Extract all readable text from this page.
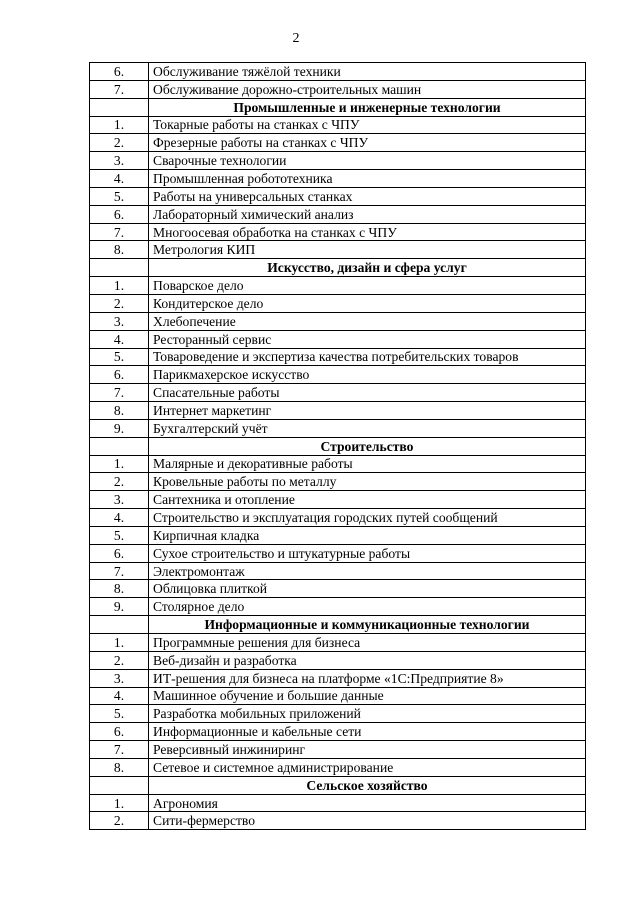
2
6.	Обслуживание тяжёлой техники
7.	Обслуживание дорожно-строительных машин
	Промышленные и инженерные технологии
1.	Токарные работы на станках с ЧПУ
2.	Фрезерные работы на станках с ЧПУ
3.	Сварочные технологии
4.	Промышленная робототехника
5.	Работы на универсальных станках
6.	Лабораторный химический анализ
7.	Многоосевая обработка на станках с ЧПУ
8.	Метрология КИП
	Искусство, дизайн и сфера услуг
1.	Поварское дело
2.	Кондитерское дело
3.	Хлебопечение
4.	Ресторанный сервис
5.	Товароведение и экспертиза качества потребительских товаров
6.	Парикмахерское искусство
7.	Спасательные работы
8.	Интернет маркетинг
9.	Бухгалтерский учёт
	Строительство
1.	Малярные и декоративные работы
2.	Кровельные работы по металлу
3.	Сантехника и отопление
4.	Строительство и эксплуатация городских путей сообщений
5.	Кирпичная кладка
6.	Сухое строительство и штукатурные работы
7.	Электромонтаж
8.	Облицовка плиткой
9.	Столярное дело
	Информационные и коммуникационные технологии
1.	Программные решения для бизнеса
2.	Веб-дизайн и разработка
3.	ИТ-решения для бизнеса на платформе «1С:Предприятие 8»
4.	Машинное обучение и большие данные
5.	Разработка мобильных приложений
6.	Информационные и кабельные сети
7.	Реверсивный инжиниринг
8.	Сетевое и системное администрирование
	Сельское хозяйство
1.	Агрономия
2.	Сити-фермерство
